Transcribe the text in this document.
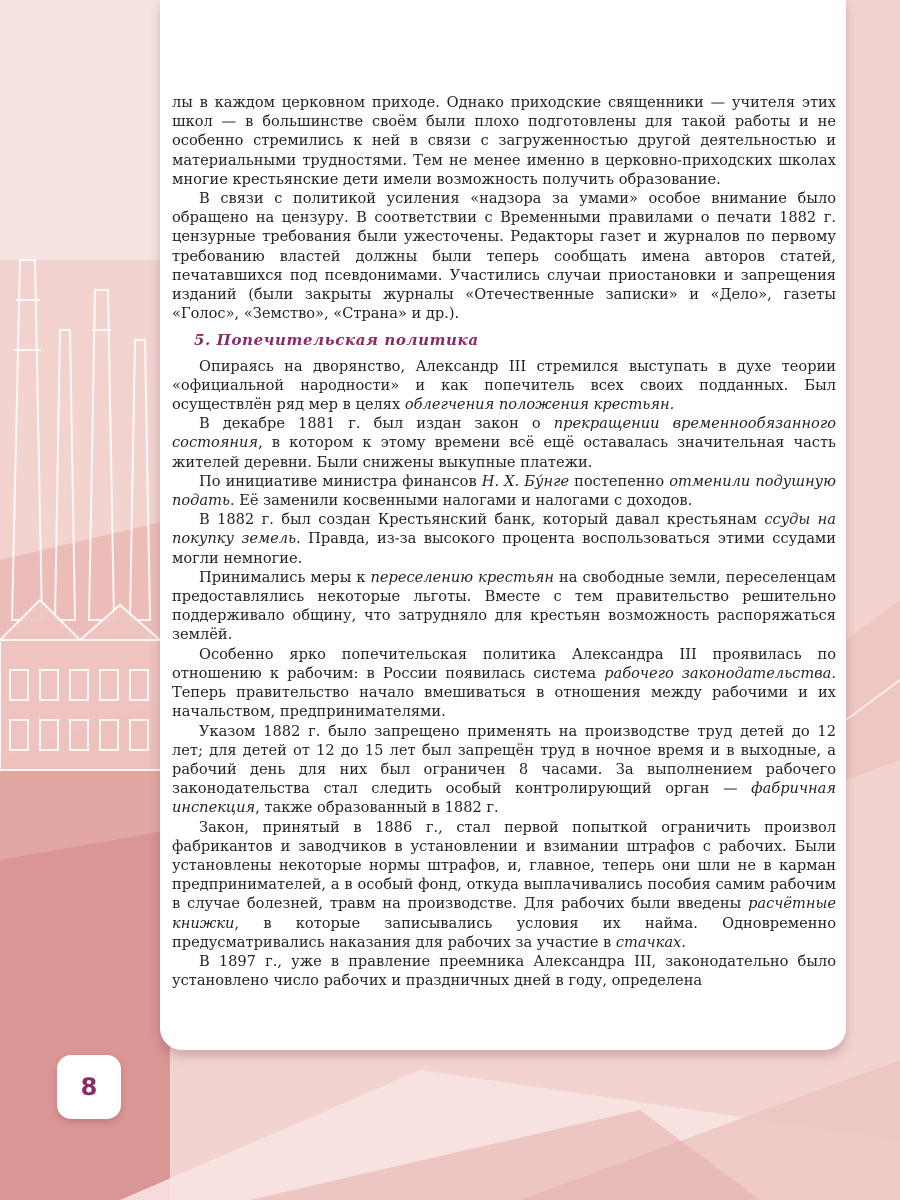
лы в каждом церковном приходе. Однако приходские священники — учителя этих школ — в большинстве своём были плохо подготовлены для такой работы и не особенно стремились к ней в связи с загруженностью другой деятельностью и материальными трудностями. Тем не менее именно в церковно-приходских школах многие крестьянские дети имели возможность получить образование.

В связи с политикой усиления «надзора за умами» особое внимание было обращено на цензуру. В соответствии с Временными правилами о печати 1882 г. цензурные требования были ужесточены. Редакторы газет и журналов по первому требованию властей должны были теперь сообщать имена авторов статей, печатавшихся под псевдонимами. Участились случаи приостановки и запрещения изданий (были закрыты журналы «Отечественные записки» и «Дело», газеты «Голос», «Земство», «Страна» и др.).

5. Попечительская политика

Опираясь на дворянство, Александр III стремился выступать в духе теории «официальной народности» и как попечитель всех своих подданных. Был осуществлён ряд мер в целях облегчения положения крестьян.

В декабре 1881 г. был издан закон о прекращении временнообязанного состояния, в котором к этому времени всё ещё оставалась значительная часть жителей деревни. Были снижены выкупные платежи.

По инициативе министра финансов Н. Х. Бу́нге постепенно отменили подушную подать. Её заменили косвенными налогами и налогами с доходов.

В 1882 г. был создан Крестьянский банк, который давал крестьянам ссуды на покупку земель. Правда, из-за высокого процента воспользоваться этими ссудами могли немногие.

Принимались меры к переселению крестьян на свободные земли, переселенцам предоставлялись некоторые льготы. Вместе с тем правительство решительно поддерживало общину, что затрудняло для крестьян возможность распоряжаться землёй.

Особенно ярко попечительская политика Александра III проявилась по отношению к рабочим: в России появилась система рабочего законодательства. Теперь правительство начало вмешиваться в отношения между рабочими и их начальством, предпринимателями.

Указом 1882 г. было запрещено применять на производстве труд детей до 12 лет; для детей от 12 до 15 лет был запрещён труд в ночное время и в выходные, а рабочий день для них был ограничен 8 часами. За выполнением рабочего законодательства стал следить особый контролирующий орган — фабричная инспекция, также образованный в 1882 г.

Закон, принятый в 1886 г., стал первой попыткой ограничить произвол фабрикантов и заводчиков в установлении и взимании штрафов с рабочих. Были установлены некоторые нормы штрафов, и, главное, теперь они шли не в карман предпринимателей, а в особый фонд, откуда выплачивались пособия самим рабочим в случае болезней, травм на производстве. Для рабочих были введены расчётные книжки, в которые записывались условия их найма. Одновременно предусматривались наказания для рабочих за участие в стачках.

В 1897 г., уже в правление преемника Александра III, законодательно было установлено число рабочих и праздничных дней в году, определена

8
